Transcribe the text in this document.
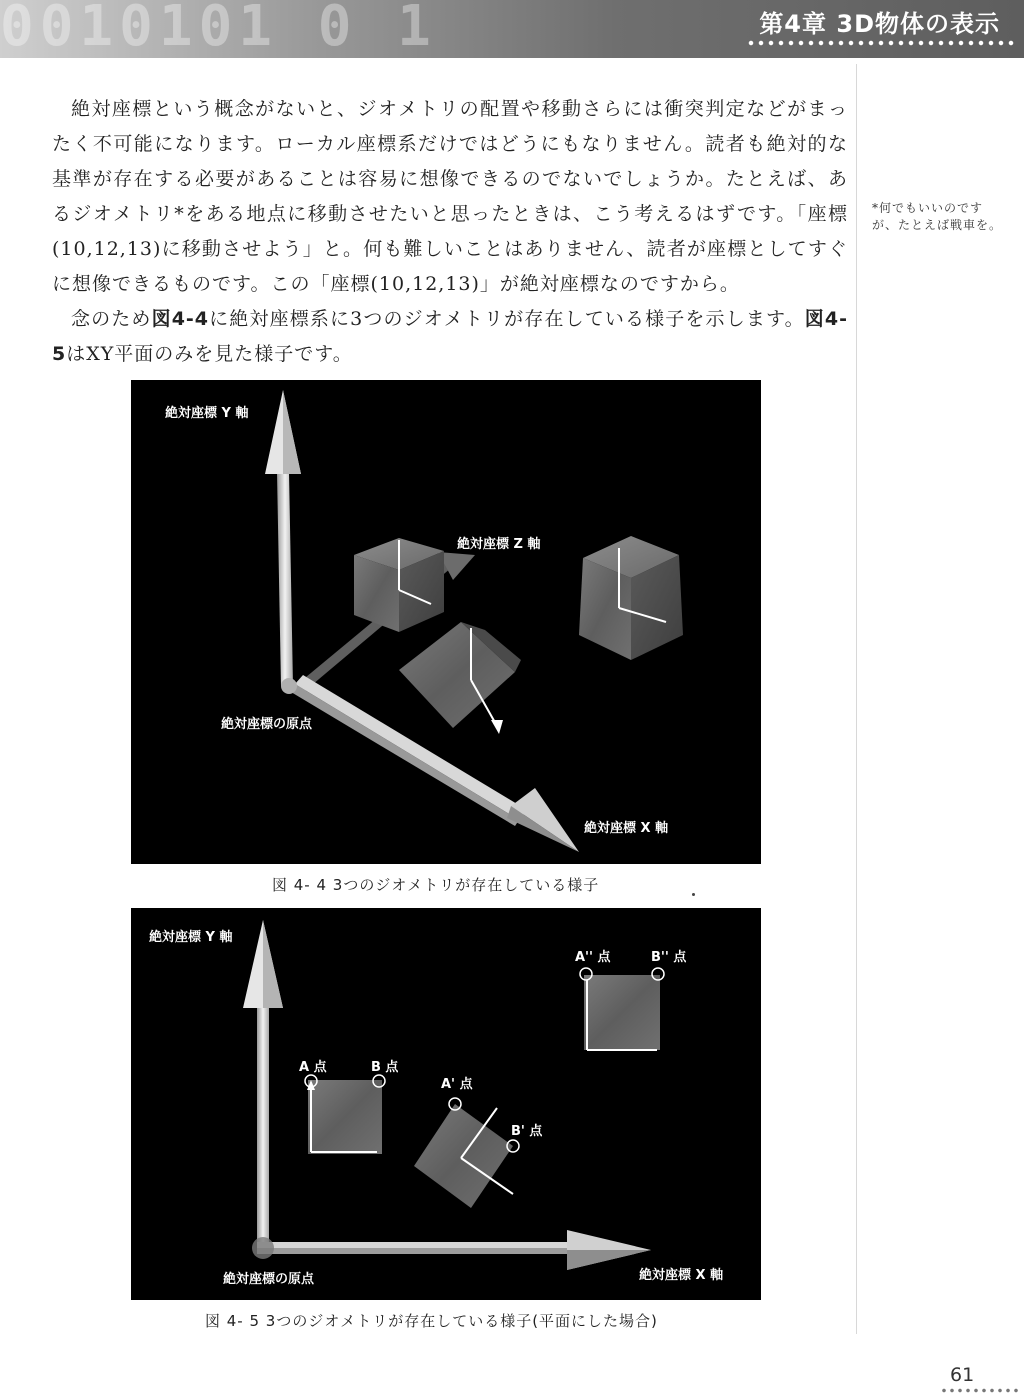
0010101 0 1	第4章 3D物体の表示

絶対座標という概念がないと、ジオメトリの配置や移動さらには衝突判定などがまったく不可能になります。ローカル座標系だけではどうにもなりません。読者も絶対的な基準が存在する必要があることは容易に想像できるのでないでしょうか。たとえば、あるジオメトリ*をある地点に移動させたいと思ったときは、こう考えるはずです。「座標(10,12,13)に移動させよう」と。何も難しいことはありません、読者が座標としてすぐに想像できるものです。この「座標(10,12,13)」が絶対座標なのですから。

念のため図4-4に絶対座標系に3つのジオメトリが存在している様子を示します。図4-5はXY平面のみを見た様子です。

*何でもいいのですが、たとえば戦車を。
絶対座標 Y 軸
絶対座標 Z 軸
絶対座標の原点
絶対座標 X 軸
図 4- 4 3つのジオメトリが存在している様子
絶対座標 Y 軸
A 点	B 点
A' 点
B' 点
A'' 点	B'' 点
絶対座標の原点	絶対座標 X 軸
図 4- 5 3つのジオメトリが存在している様子(平面にした場合)
61
